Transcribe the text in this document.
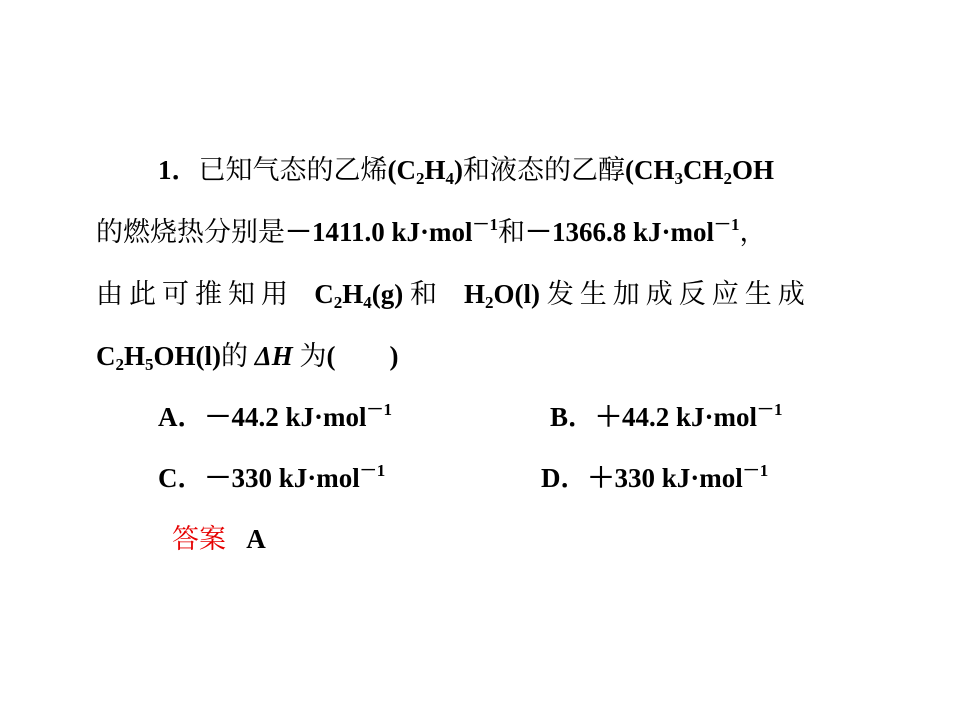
1．已知气态的乙烯$(C_2H_4)$和液态的乙醇($CH_3CH_2OH$
的燃烧热分别是－1411.0 kJ·mol$^{-1}$和－1366.8 kJ·mol$^{-1}$，
由此可推知用 $C_2H_4(g)$ 和 $H_2O(l)$ 发生加成反应生成
$C_2H_5OH(l)$的 ΔH 为(　　)
A．－44.2 kJ·mol$^{-1}$	B．＋44.2 kJ·mol$^{-1}$
C．－330 kJ·mol$^{-1}$	D．＋330 kJ·mol$^{-1}$
答案 A
